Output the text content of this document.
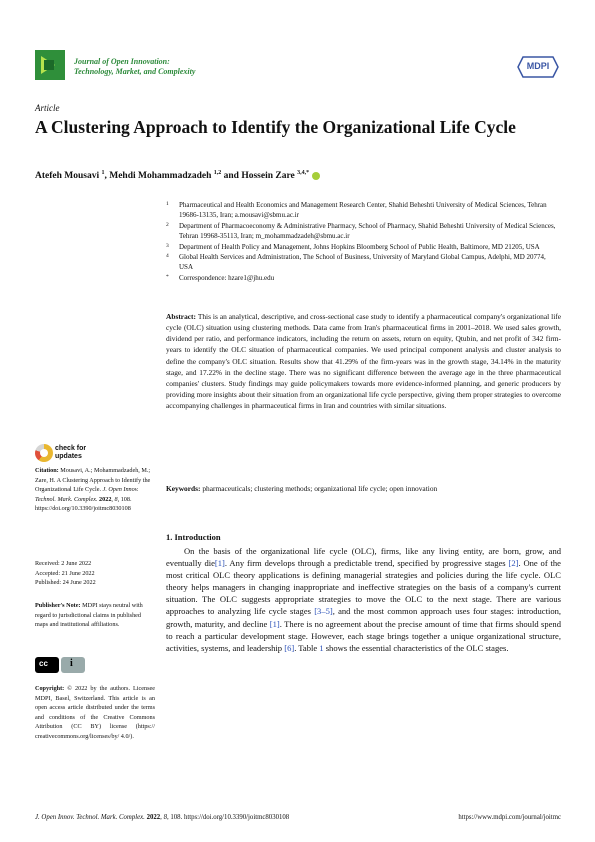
Journal of Open Innovation:
Technology, Market, and Complexity
MDPI
Article
A Clustering Approach to Identify the Organizational Life Cycle
Atefeh Mousavi $^1$, Mehdi Mohammadzadeh $^{1,2}$ and Hossein Zare $^{3,4,*}$
1	Pharmaceutical and Health Economics and Management Research Center, Shahid Beheshti University of Medical Sciences, Tehran 19686-13135, Iran; a.mousavi@sbmu.ac.ir
2	Department of Pharmacoeconomy & Administrative Pharmacy, School of Pharmacy, Shahid Beheshti University of Medical Sciences, Tehran 19968-35113, Iran; m_mohammadzadeh@sbmu.ac.ir
3	Department of Health Policy and Management, Johns Hopkins Bloomberg School of Public Health, Baltimore, MD 21205, USA
4	Global Health Services and Administration, The School of Business, University of Maryland Global Campus, Adelphi, MD 20774, USA
*	Correspondence: hzare1@jhu.edu
Abstract: This is an analytical, descriptive, and cross-sectional case study to identify a pharmaceutical company's organizational life cycle (OLC) situation using clustering methods. Data came from Iran's pharmaceutical firms in 2001–2018. We used sales growth, dividend per ratio, and performance indicators, including the return on assets, return on equity, Qtubin, and net profit of 342 firm-years to identify the OLC situation of pharmaceutical companies. We used principal component analysis and cluster analysis to define the company's OLC situation. Results show that 41.29% of the firm-years was in the growth stage, 34.14% in the maturity stage, and 17.22% in the decline stage. There was no significant difference between the average age in the three pharmaceutical companies' clusters. Study findings may guide policymakers towards more evidence-informed planning, and generic producers by providing more insights about their situation from an organizational life cycle perspective, giving them proper strategies to overcome accompanying challenges in pharmaceutical firms in Iran and countries with similar situations.
Keywords: pharmaceuticals; clustering methods; organizational life cycle; open innovation
check for
updates
Citation: Mousavi, A.; Mohammadzadeh, M.; Zare, H. A Clustering Approach to Identify the Organizational Life Cycle. J. Open Innov. Technol. Mark. Complex. 2022, 8, 108. https://doi.org/10.3390/joitmc8030108
Received: 2 June 2022
Accepted: 21 June 2022
Published: 24 June 2022
Publisher's Note: MDPI stays neutral with regard to jurisdictional claims in published maps and institutional affiliations.
cc
i
Copyright: © 2022 by the authors. Licensee MDPI, Basel, Switzerland. This article is an open access article distributed under the terms and conditions of the Creative Commons Attribution (CC BY) license (https:// creativecommons.org/licenses/by/ 4.0/).
1. Introduction
On the basis of the organizational life cycle (OLC), firms, like any living entity, are born, grow, and eventually die[1]. Any firm develops through a predictable trend, specified by progressive stages [2]. One of the most critical OLC theory applications is defining managerial strategies and policies during the life cycle. OLC theory helps managers in changing inappropriate and ineffective strategies on the basis of a company's current situation. The OLC suggests appropriate strategies to move the OLC to the next stage. There are various approaches to analyzing life cycle stages [3–5], and the most common approach uses four stages: introduction, growth, maturity, and decline [1]. There is no agreement about the precise amount of time that firms should spend to reach a particular development stage. However, each stage brings together a unique organizational structure, activities, systems, and leadership [6]. Table 1 shows the essential characteristics of the OLC stages.
J. Open Innov. Technol. Mark. Complex. 2022, 8, 108. https://doi.org/10.3390/joitmc8030108	https://www.mdpi.com/journal/joitmc
